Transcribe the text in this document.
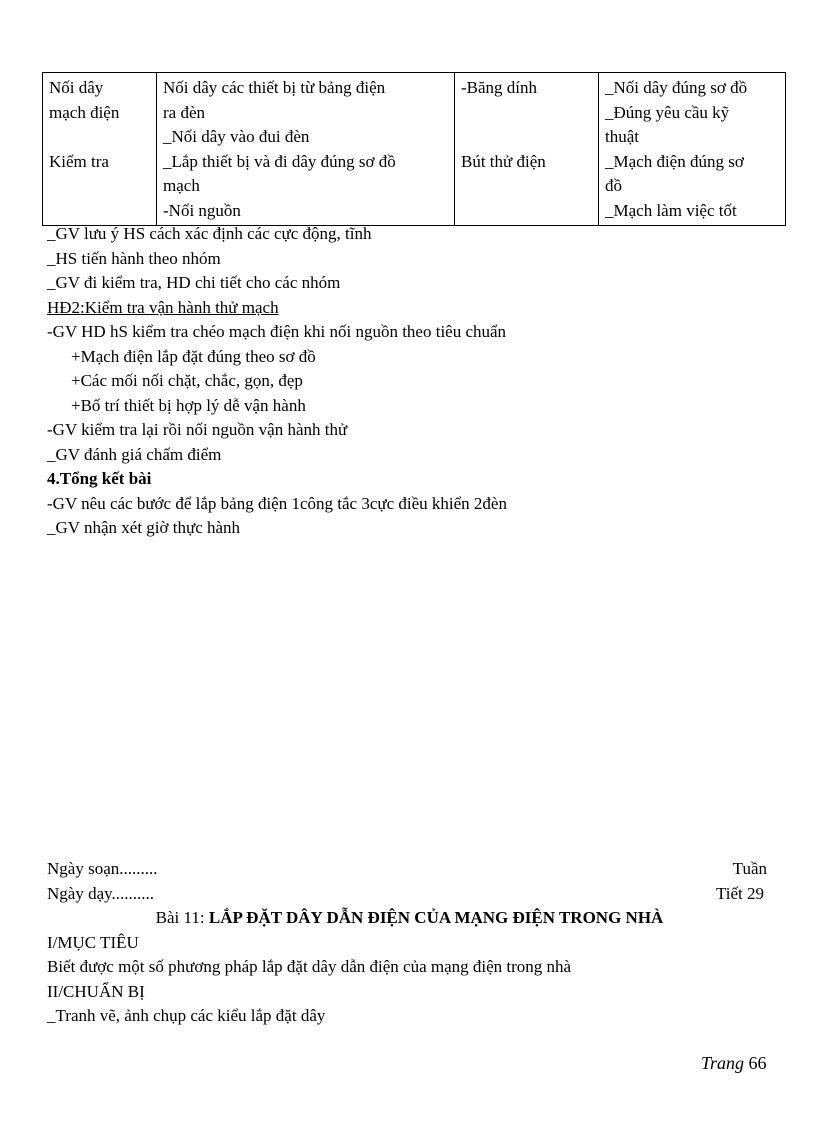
Nối dây
mạch điện
Kiểm tra

Nối dây các thiết bị từ bảng điện
ra đèn
_Nối dây vào đui đèn
_Lắp thiết bị và đi dây đúng sơ đồ
mạch
-Nối nguồn

-Băng dính
Bút thử điện

_Nối dây đúng sơ đồ
_Đúng yêu cầu kỹ
thuật
_Mạch điện đúng sơ
đồ
_Mạch làm việc tốt
_GV lưu ý HS cách xác định các cực động, tĩnh
_HS tiến hành theo nhóm
_GV đi kiểm tra, HD chi tiết cho các nhóm
HĐ2:Kiểm tra vận hành thử mạch
-GV HD hS kiểm tra chéo mạch điện khi nối nguồn theo tiêu chuẩn
+Mạch điện lắp đặt đúng theo sơ đồ
+Các mối nối chặt, chắc, gọn, đẹp
+Bố trí thiết bị hợp lý dễ vận hành
-GV kiểm tra lại rồi nối nguồn vận hành thử
_GV đánh giá chấm điểm
4.Tổng kết bài
-GV nêu các bước để lắp bảng điện 1công tắc 3cực điều khiển 2đèn
_GV nhận xét giờ thực hành
Ngày soạn.........	Tuần
Ngày dạy..........	Tiết 29
Bài 11: LẮP ĐẶT DÂY DẪN ĐIỆN CỦA MẠNG ĐIỆN TRONG NHÀ
I/MỤC TIÊU
Biết được một số phương pháp lắp đặt dây dẫn điện của mạng điện trong nhà
II/CHUẨN BỊ
_Tranh vẽ, ảnh chụp các kiểu lắp đặt dây
Trang 66
